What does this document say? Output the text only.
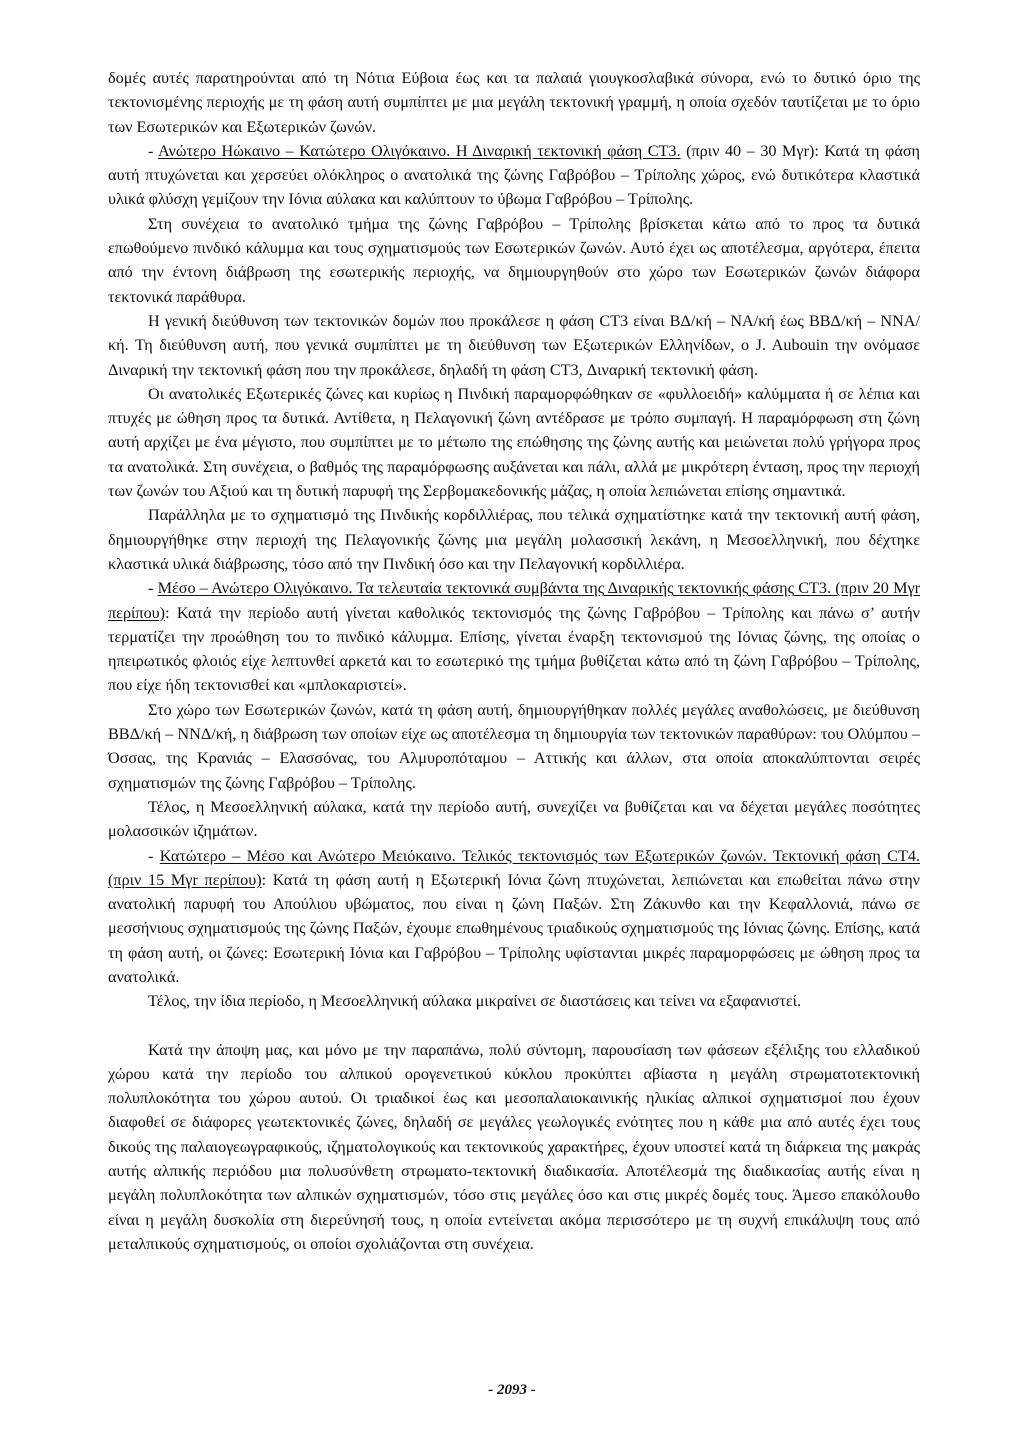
δομές αυτές παρατηρούνται από τη Νότια Εύβοια έως και τα παλαιά γιουγκοσλαβικά σύνορα, ενώ το δυτικό όριο της τεκτονισμένης περιοχής με τη φάση αυτή συμπίπτει με μια μεγάλη τεκτονική γραμμή, η οποία σχεδόν ταυτίζεται με το όριο των Εσωτερικών και Εξωτερικών ζωνών.

- Ανώτερο Ηώκαινο – Κατώτερο Ολιγόκαινο. Η Διναρική τεκτονική φάση CT3. (πριν 40 – 30 Μγr): Κατά τη φάση αυτή πτυχώνεται και χερσεύει ολόκληρος ο ανατολικά της ζώνης Γαβρόβου – Τρίπολης χώρος, ενώ δυτικότερα κλαστικά υλικά φλύσχη γεμίζουν την Ιόνια αύλακα και καλύπτουν το ύβωμα Γαβρόβου – Τρίπολης.

Στη συνέχεια το ανατολικό τμήμα της ζώνης Γαβρόβου – Τρίπολης βρίσκεται κάτω από το προς τα δυτικά επωθούμενο πινδικό κάλυμμα και τους σχηματισμούς των Εσωτερικών ζωνών. Αυτό έχει ως αποτέλεσμα, αργότερα, έπειτα από την έντονη διάβρωση της εσωτερικής περιοχής, να δημιουργηθούν στο χώρο των Εσωτερικών ζωνών διάφορα τεκτονικά παράθυρα.

Η γενική διεύθυνση των τεκτονικών δομών που προκάλεσε η φάση CT3 είναι ΒΔ/κή – ΝΑ/κή έως ΒΒΔ/κή – ΝΝΑ/κή. Τη διεύθυνση αυτή, που γενικά συμπίπτει με τη διεύθυνση των Εξωτερικών Ελληνίδων, ο J. Aubouin την ονόμασε Διναρική την τεκτονική φάση που την προκάλεσε, δηλαδή τη φάση CT3, Διναρική τεκτονική φάση.

Οι ανατολικές Εξωτερικές ζώνες και κυρίως η Πινδική παραμορφώθηκαν σε «φυλλοειδή» καλύμματα ή σε λέπια και πτυχές με ώθηση προς τα δυτικά. Αντίθετα, η Πελαγονική ζώνη αντέδρασε με τρόπο συμπαγή. Η παραμόρφωση στη ζώνη αυτή αρχίζει με ένα μέγιστο, που συμπίπτει με το μέτωπο της επώθησης της ζώνης αυτής και μειώνεται πολύ γρήγορα προς τα ανατολικά. Στη συνέχεια, ο βαθμός της παραμόρφωσης αυξάνεται και πάλι, αλλά με μικρότερη ένταση, προς την περιοχή των ζωνών του Αξιού και τη δυτική παρυφή της Σερβομακεδονικής μάζας, η οποία λεπιώνεται επίσης σημαντικά.

Παράλληλα με το σχηματισμό της Πινδικής κορδιλλιέρας, που τελικά σχηματίστηκε κατά την τεκτονική αυτή φάση, δημιουργήθηκε στην περιοχή της Πελαγονικής ζώνης μια μεγάλη μολασσική λεκάνη, η Μεσοελληνική, που δέχτηκε κλαστικά υλικά διάβρωσης, τόσο από την Πινδική όσο και την Πελαγονική κορδιλλιέρα.

- Μέσο – Ανώτερο Ολιγόκαινο. Τα τελευταία τεκτονικά συμβάντα της Διναρικής τεκτονικής φάσης CT3. (πριν 20 Μγr περίπου): Κατά την περίοδο αυτή γίνεται καθολικός τεκτονισμός της ζώνης Γαβρόβου – Τρίπολης και πάνω σ’ αυτήν τερματίζει την προώθηση του το πινδικό κάλυμμα. Επίσης, γίνεται έναρξη τεκτονισμού της Ιόνιας ζώνης, της οποίας ο ηπειρωτικός φλοιός είχε λεπτυνθεί αρκετά και το εσωτερικό της τμήμα βυθίζεται κάτω από τη ζώνη Γαβρόβου – Τρίπολης, που είχε ήδη τεκτονισθεί και «μπλοκαριστεί».

Στο χώρο των Εσωτερικών ζωνών, κατά τη φάση αυτή, δημιουργήθηκαν πολλές μεγάλες αναθολώσεις, με διεύθυνση ΒΒΔ/κή – ΝΝΔ/κή, η διάβρωση των οποίων είχε ως αποτέλεσμα τη δημιουργία των τεκτονικών παραθύρων: του Ολύμπου – Όσσας, της Κρανιάς – Ελασσόνας, του Αλμυροπόταμου – Αττικής και άλλων, στα οποία αποκαλύπτονται σειρές σχηματισμών της ζώνης Γαβρόβου – Τρίπολης.

Τέλος, η Μεσοελληνική αύλακα, κατά την περίοδο αυτή, συνεχίζει να βυθίζεται και να δέχεται μεγάλες ποσότητες μολασσικών ιζημάτων.

- Κατώτερο – Μέσο και Ανώτερο Μειόκαινο. Τελικός τεκτονισμός των Εξωτερικών ζωνών. Τεκτονική φάση CT4. (πριν 15 Μγr περίπου): Κατά τη φάση αυτή η Εξωτερική Ιόνια ζώνη πτυχώνεται, λεπιώνεται και επωθείται πάνω στην ανατολική παρυφή του Απούλιου υβώματος, που είναι η ζώνη Παξών. Στη Ζάκυνθο και την Κεφαλλονιά, πάνω σε μεσσήνιους σχηματισμούς της ζώνης Παξών, έχουμε επωθημένους τριαδικούς σχηματισμούς της Ιόνιας ζώνης. Επίσης, κατά τη φάση αυτή, οι ζώνες: Εσωτερική Ιόνια και Γαβρόβου – Τρίπολης υφίστανται μικρές παραμορφώσεις με ώθηση προς τα ανατολικά.

Τέλος, την ίδια περίοδο, η Μεσοελληνική αύλακα μικραίνει σε διαστάσεις και τείνει να εξαφανιστεί.

Κατά την άποψη μας, και μόνο με την παραπάνω, πολύ σύντομη, παρουσίαση των φάσεων εξέλιξης του ελλαδικού χώρου κατά την περίοδο του αλπικού ορογενετικού κύκλου προκύπτει αβίαστα η μεγάλη στρωματοτεκτονική πολυπλοκότητα του χώρου αυτού. Οι τριαδικοί έως και μεσοπαλαιοκαινικής ηλικίας αλπικοί σχηματισμοί που έχουν διαφοθεί σε διάφορες γεωτεκτονικές ζώνες, δηλαδή σε μεγάλες γεωλογικές ενότητες που η κάθε μια από αυτές έχει τους δικούς της παλαιογεωγραφικούς, ιζηματολογικούς και τεκτονικούς χαρακτήρες, έχουν υποστεί κατά τη διάρκεια της μακράς αυτής αλπικής περιόδου μια πολυσύνθετη στρωματο-τεκτονική διαδικασία. Αποτέλεσμά της διαδικασίας αυτής είναι η μεγάλη πολυπλοκότητα των αλπικών σχηματισμών, τόσο στις μεγάλες όσο και στις μικρές δομές τους. Άμεσο επακόλουθο είναι η μεγάλη δυσκολία στη διερεύνησή τους, η οποία εντείνεται ακόμα περισσότερο με τη συχνή επικάλυψη τους από μεταλπικούς σχηματισμούς, οι οποίοι σχολιάζονται στη συνέχεια.

- 2093 -
